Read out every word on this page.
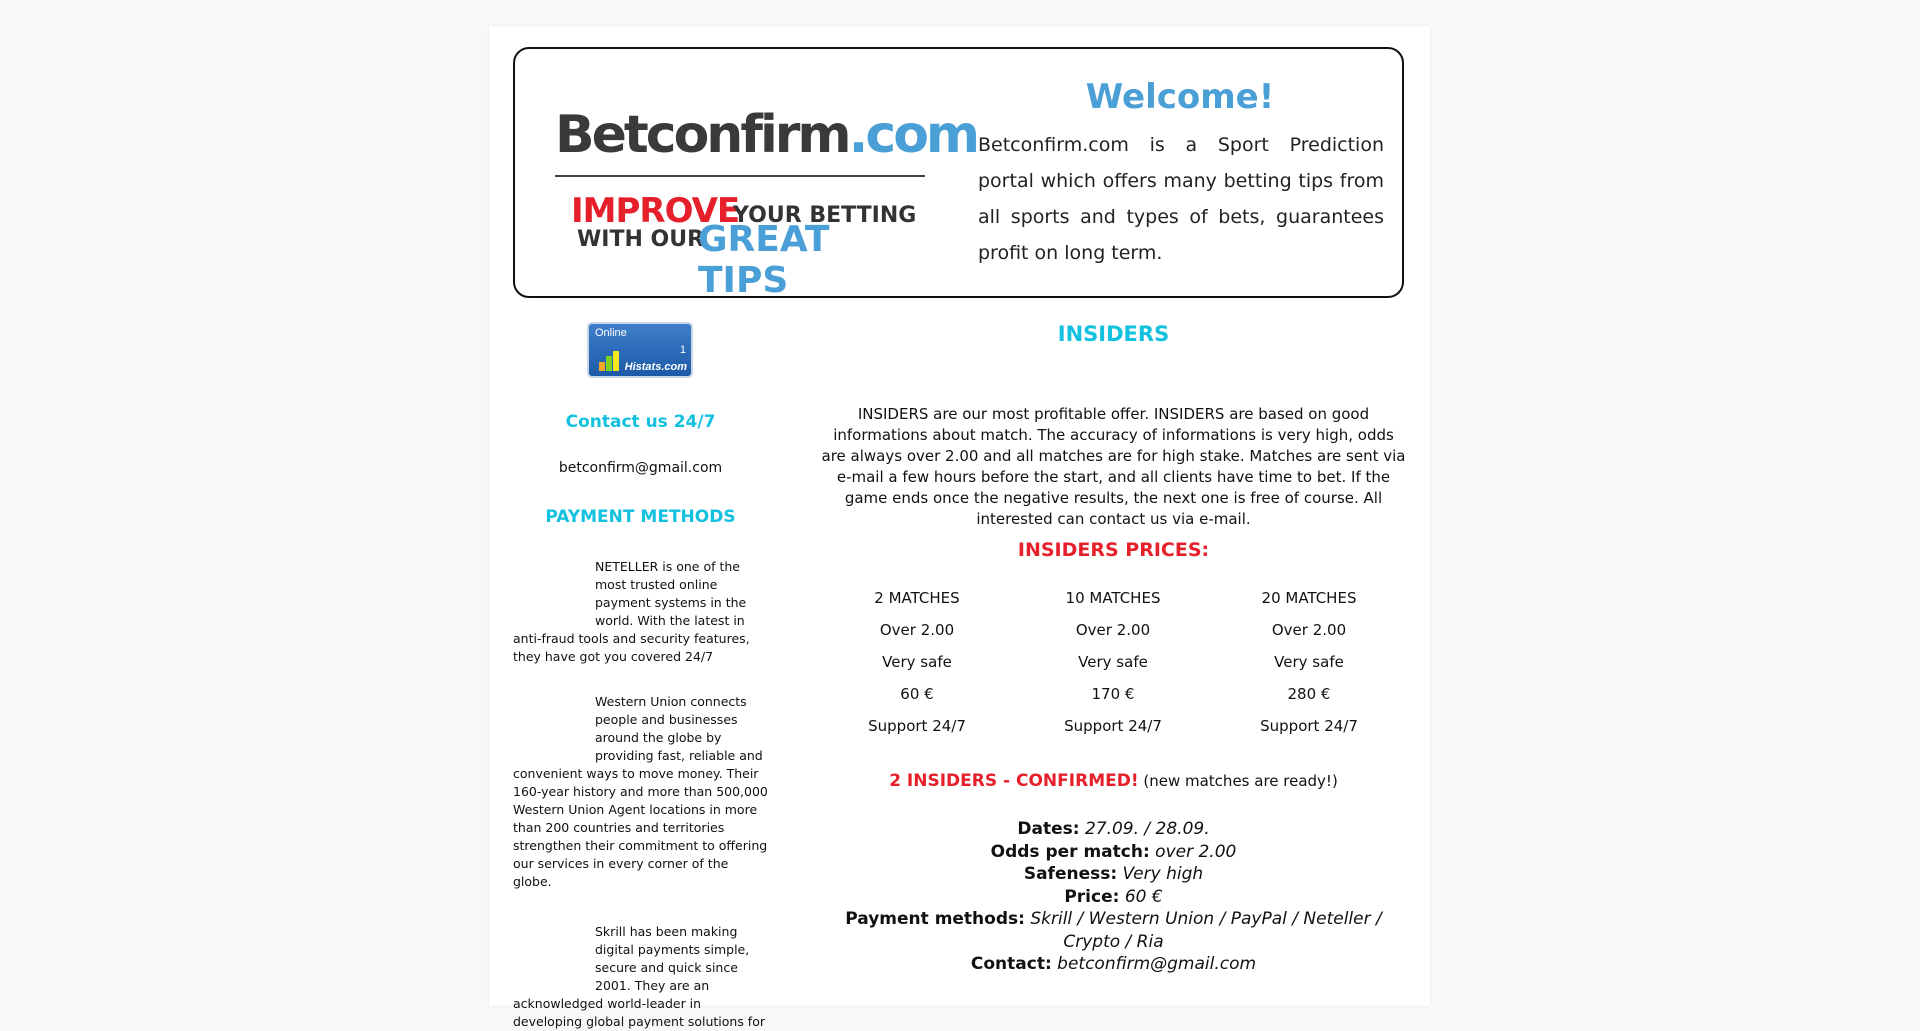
Betconfirm.com
IMPROVE
YOUR BETTING
WITH OUR
GREAT TIPS
Welcome!
Betconfirm.com is a Sport Prediction portal which offers many betting tips from all sports and types of bets, guarantees profit on long term.
Online
1
Histats.com
Contact us 24/7
betconfirm@gmail.com
PAYMENT METHODS
NETELLER is one of the most trusted online payment systems in the world. With the latest in anti-fraud tools and security features, they have got you covered 24/7
Western Union connects people and businesses around the globe by providing fast, reliable and convenient ways to move money. Their 160-year history and more than 500,000 Western Union Agent locations in more than 200 countries and territories strengthen their commitment to offering our services in every corner of the globe.
Skrill has been making digital payments simple, secure and quick since 2001. They are an acknowledged world-leader in developing global payment solutions for
INSIDERS
INSIDERS are our most profitable offer. INSIDERS are based on good informations about match. The accuracy of informations is very high, odds are always over 2.00 and all matches are for high stake. Matches are sent via e-mail a few hours before the start, and all clients have time to bet. If the game ends once the negative results, the next one is free of course. All interested can contact us via e-mail.
INSIDERS PRICES:
2 MATCHES
Over 2.00
Very safe
60 €
Support 24/7
10 MATCHES
Over 2.00
Very safe
170 €
Support 24/7
20 MATCHES
Over 2.00
Very safe
280 €
Support 24/7
2 INSIDERS - CONFIRMED! (new matches are ready!)
Dates: 27.09. / 28.09.
Odds per match: over 2.00
Safeness: Very high
Price: 60 €
Payment methods: Skrill / Western Union / PayPal / Neteller / Crypto / Ria
Contact: betconfirm@gmail.com
